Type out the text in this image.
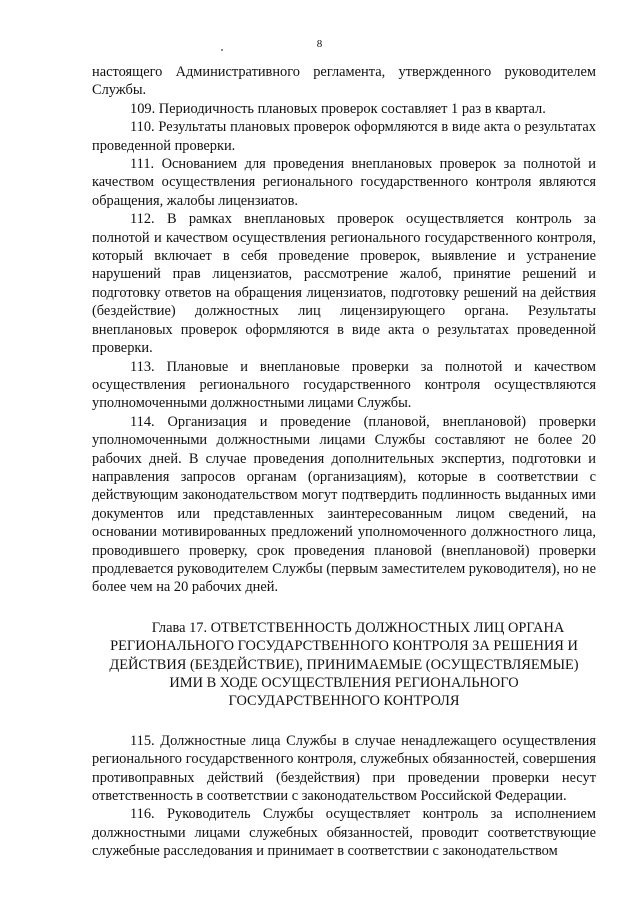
8

настоящего Административного регламента, утвержденного руководителем Службы.

109. Периодичность плановых проверок составляет 1 раз в квартал.

110. Результаты плановых проверок оформляются в виде акта о результатах проведенной проверки.

111. Основанием для проведения внеплановых проверок за полнотой и качеством осуществления регионального государственного контроля являются обращения, жалобы лицензиатов.

112. В рамках внеплановых проверок осуществляется контроль за полнотой и качеством осуществления регионального государственного контроля, который включает в себя проведение проверок, выявление и устранение нарушений прав лицензиатов, рассмотрение жалоб, принятие решений и подготовку ответов на обращения лицензиатов, подготовку решений на действия (бездействие) должностных лиц лицензирующего органа. Результаты внеплановых проверок оформляются в виде акта о результатах проведенной проверки.

113. Плановые и внеплановые проверки за полнотой и качеством осуществления регионального государственного контроля осуществляются уполномоченными должностными лицами Службы.

114. Организация и проведение (плановой, внеплановой) проверки уполномоченными должностными лицами Службы составляют не более 20 рабочих дней. В случае проведения дополнительных экспертиз, подготовки и направления запросов органам (организациям), которые в соответствии с действующим законодательством могут подтвердить подлинность выданных ими документов или представленных заинтересованным лицом сведений, на основании мотивированных предложений уполномоченного должностного лица, проводившего проверку, срок проведения плановой (внеплановой) проверки продлевается руководителем Службы (первым заместителем руководителя), но не более чем на 20 рабочих дней.

Глава 17. ОТВЕТСТВЕННОСТЬ ДОЛЖНОСТНЫХ ЛИЦ ОРГАНА РЕГИОНАЛЬНОГО ГОСУДАРСТВЕННОГО КОНТРОЛЯ ЗА РЕШЕНИЯ И ДЕЙСТВИЯ (БЕЗДЕЙСТВИЕ), ПРИНИМАЕМЫЕ (ОСУЩЕСТВЛЯЕМЫЕ) ИМИ В ХОДЕ ОСУЩЕСТВЛЕНИЯ РЕГИОНАЛЬНОГО ГОСУДАРСТВЕННОГО КОНТРОЛЯ

115. Должностные лица Службы в случае ненадлежащего осуществления регионального государственного контроля, служебных обязанностей, совершения противоправных действий (бездействия) при проведении проверки несут ответственность в соответствии с законодательством Российской Федерации.

116. Руководитель Службы осуществляет контроль за исполнением должностными лицами служебных обязанностей, проводит соответствующие служебные расследования и принимает в соответствии с законодательством
